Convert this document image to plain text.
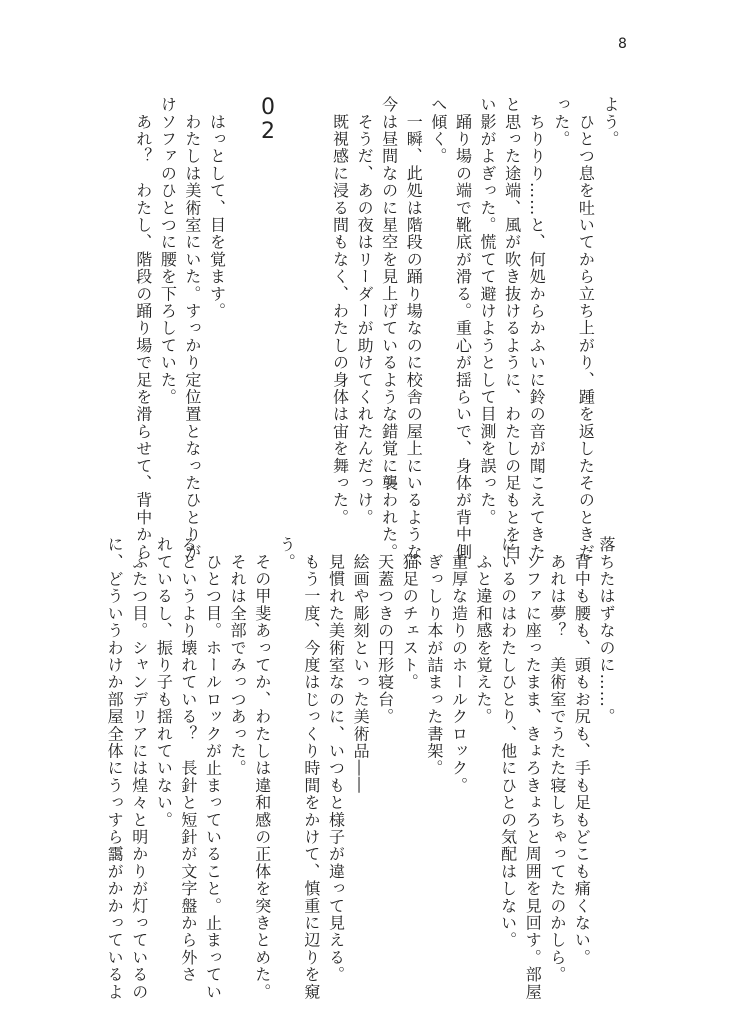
8

よう。

　ひとつ息を吐いてから立ち上がり、踵を返したそのときだ

った。

　ちりりり……と、何処からかふいに鈴の音が聞こえてきた

と思った途端、風が吹き抜けるように、わたしの足もとを白

い影がよぎった。慌てて避けようとして目測を誤った。

　踊り場の端で靴底が滑る。重心が揺らいで、身体が背中側

へ傾く。

　一瞬、此処は階段の踊り場なのに校舎の屋上にいるような、

今は昼間なのに星空を見上げているような錯覚に襲われた。

　そうだ、あの夜はリーダーが助けてくれたんだっけ。

　既視感に浸る間もなく、わたしの身体は宙を舞った。

　はっとして、目を覚ます。

　わたしは美術室にいた。すっかり定位置となったひとりが

けソファのひとつに腰を下ろしていた。

　あれ？　わたし、階段の踊り場で足を滑らせて、背中から	0
2

落ちたはずなのに……。

　背中も腰も、頭もお尻も、手も足もどこも痛くない。

　あれは夢？　美術室でうたた寝しちゃってたのかしら。

　ソファに座ったまま、きょろきょろと周囲を見回す。部屋

にいるのはわたしひとり、他にひとの気配はしない。

　ふと違和感を覚えた。

　重厚な造りのホールクロック。

　ぎっしり本が詰まった書架。

　猫足のチェスト。

　天蓋つきの円形寝台。

　絵画や彫刻といった美術品――

　見慣れた美術室なのに、いつもと様子が違って見える。

　もう一度、今度はじっくり時間をかけて、慎重に辺りを窺

う。

　その甲斐あってか、わたしは違和感の正体を突きとめた。

　それは全部でみっつあった。

　ひとつ目。ホールロックが止まっていること。止まってい

るというより壊れている？　長針と短針が文字盤から外さ

れているし、振り子も揺れていない。

　ふたつ目。シャンデリアには煌々と明かりが灯っているの

に、どういうわけか部屋全体にうっすら靄がかかっているよ
